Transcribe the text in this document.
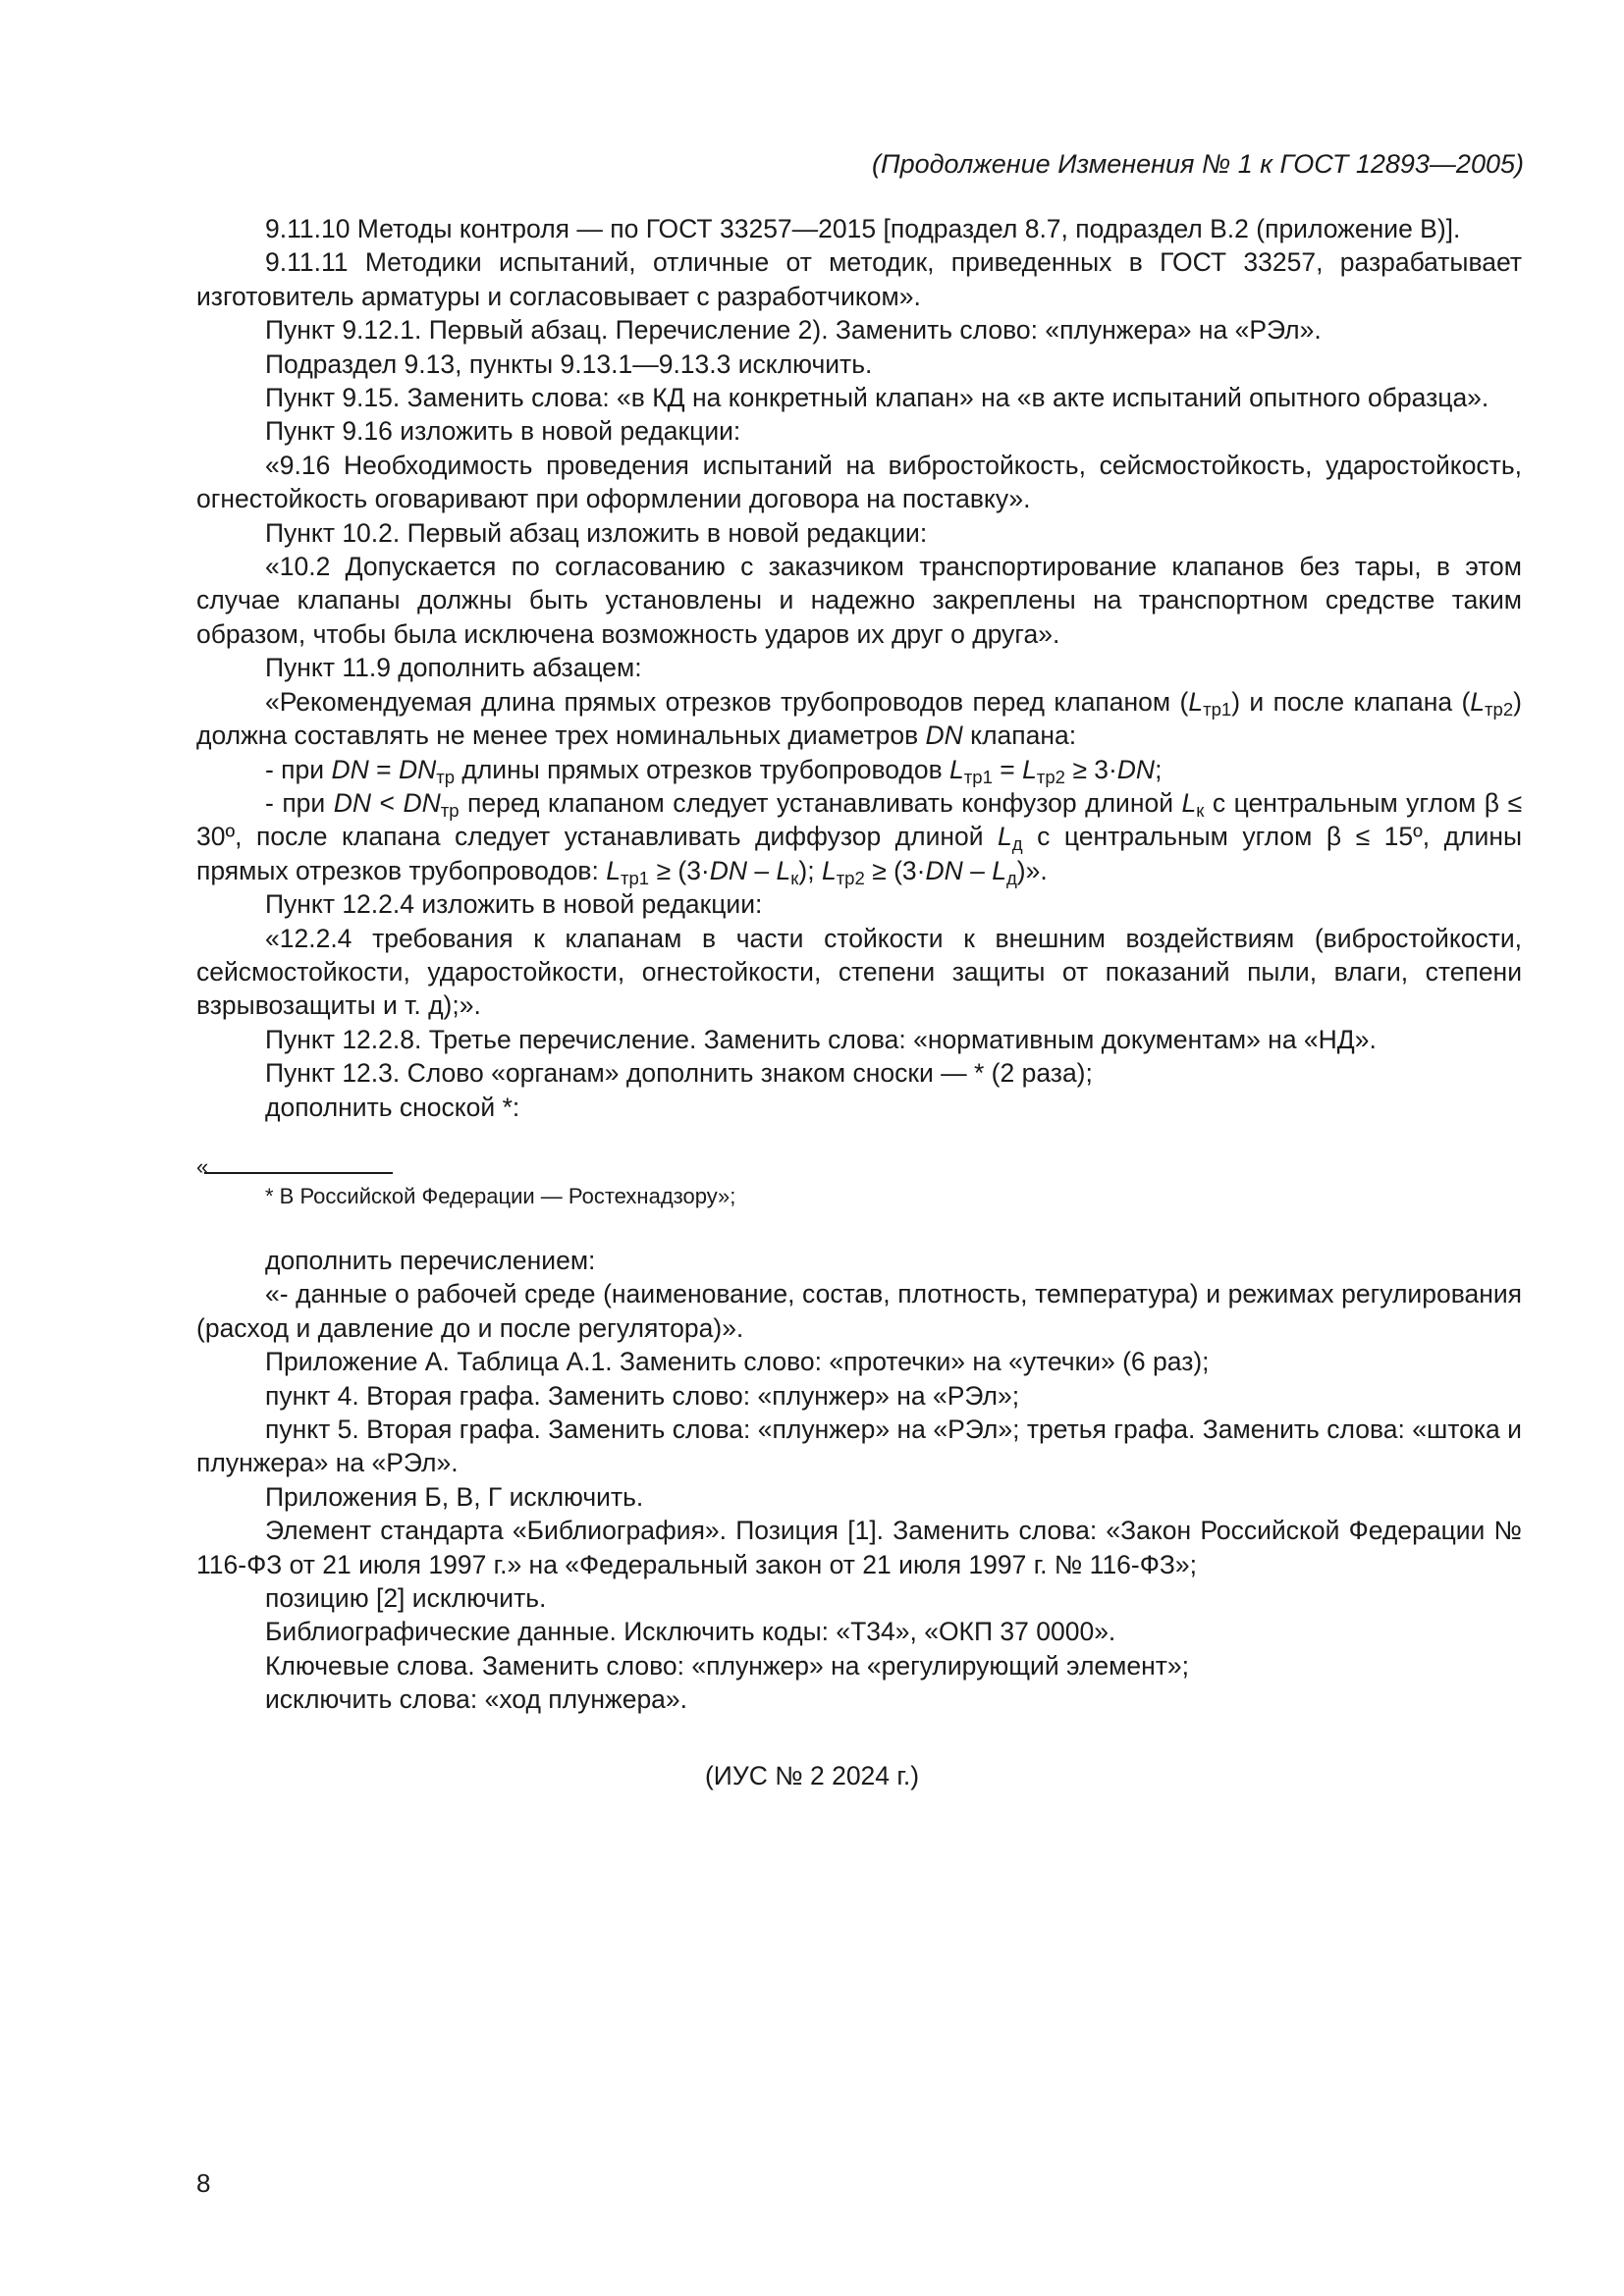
(Продолжение Изменения № 1 к ГОСТ 12893—2005)

9.11.10 Методы контроля — по ГОСТ 33257—2015 [подраздел 8.7, подраздел В.2 (приложение В)].

9.11.11 Методики испытаний, отличные от методик, приведенных в ГОСТ 33257, разрабатывает изготовитель арматуры и согласовывает с разработчиком».

Пункт 9.12.1. Первый абзац. Перечисление 2). Заменить слово: «плунжера» на «РЭл».

Подраздел 9.13, пункты 9.13.1—9.13.3 исключить.

Пункт 9.15. Заменить слова: «в КД на конкретный клапан» на «в акте испытаний опытного образца».

Пункт 9.16 изложить в новой редакции:

«9.16 Необходимость проведения испытаний на вибростойкость, сейсмостойкость, ударостойкость, огнестойкость оговаривают при оформлении договора на поставку».

Пункт 10.2. Первый абзац изложить в новой редакции:

«10.2 Допускается по согласованию с заказчиком транспортирование клапанов без тары, в этом случае клапаны должны быть установлены и надежно закреплены на транспортном средстве таким образом, чтобы была исключена возможность ударов их друг о друга».

Пункт 11.9 дополнить абзацем:

«Рекомендуемая длина прямых отрезков трубопроводов перед клапаном $(L_{тр1})$ и после клапана $(L_{тр2})$ должна составлять не менее трех номинальных диаметров DN клапана:

- при DN = $DN_{тр}$ длины прямых отрезков трубопроводов $L_{тр1} = L_{тр2} \ge 3\cdot DN$;

- при DN < $DN_{тр}$ перед клапаном следует устанавливать конфузор длиной $L_к$ с центральным углом β ≤ 30º, после клапана следует устанавливать диффузор длиной $L_д$ с центральным углом β ≤ 15º, длины прямых отрезков трубопроводов: $L_{тр1} \ge (3\cdot DN - L_к)$; $L_{тр2} \ge (3\cdot DN - L_д)$».

Пункт 12.2.4 изложить в новой редакции:

«12.2.4 требования к клапанам в части стойкости к внешним воздействиям (вибростойкости, сейсмостойкости, ударостойкости, огнестойкости, степени защиты от показаний пыли, влаги, степени взрывозащиты и т. д);».

Пункт 12.2.8. Третье перечисление. Заменить слова: «нормативным документам» на «НД».

Пункт 12.3. Слово «органам» дополнить знаком сноски — * (2 раза);

дополнить сноской *:

«
* В Российской Федерации — Ростехнадзору»;

дополнить перечислением:

«- данные о рабочей среде (наименование, состав, плотность, температура) и режимах регулирования (расход и давление до и после регулятора)».

Приложение А. Таблица А.1. Заменить слово: «протечки» на «утечки» (6 раз);

пункт 4. Вторая графа. Заменить слово: «плунжер» на «РЭл»;

пункт 5. Вторая графа. Заменить слова: «плунжер» на «РЭл»; третья графа. Заменить слова: «штока и плунжера» на «РЭл».

Приложения Б, В, Г исключить.

Элемент стандарта «Библиография». Позиция [1]. Заменить слова: «Закон Российской Федерации № 116-ФЗ от 21 июля 1997 г.» на «Федеральный закон от 21 июля 1997 г. № 116-ФЗ»;

позицию [2] исключить.

Библиографические данные. Исключить коды: «Т34», «ОКП 37 0000».

Ключевые слова. Заменить слово: «плунжер» на «регулирующий элемент»;

исключить слова: «ход плунжера».

(ИУС № 2 2024 г.)
8
